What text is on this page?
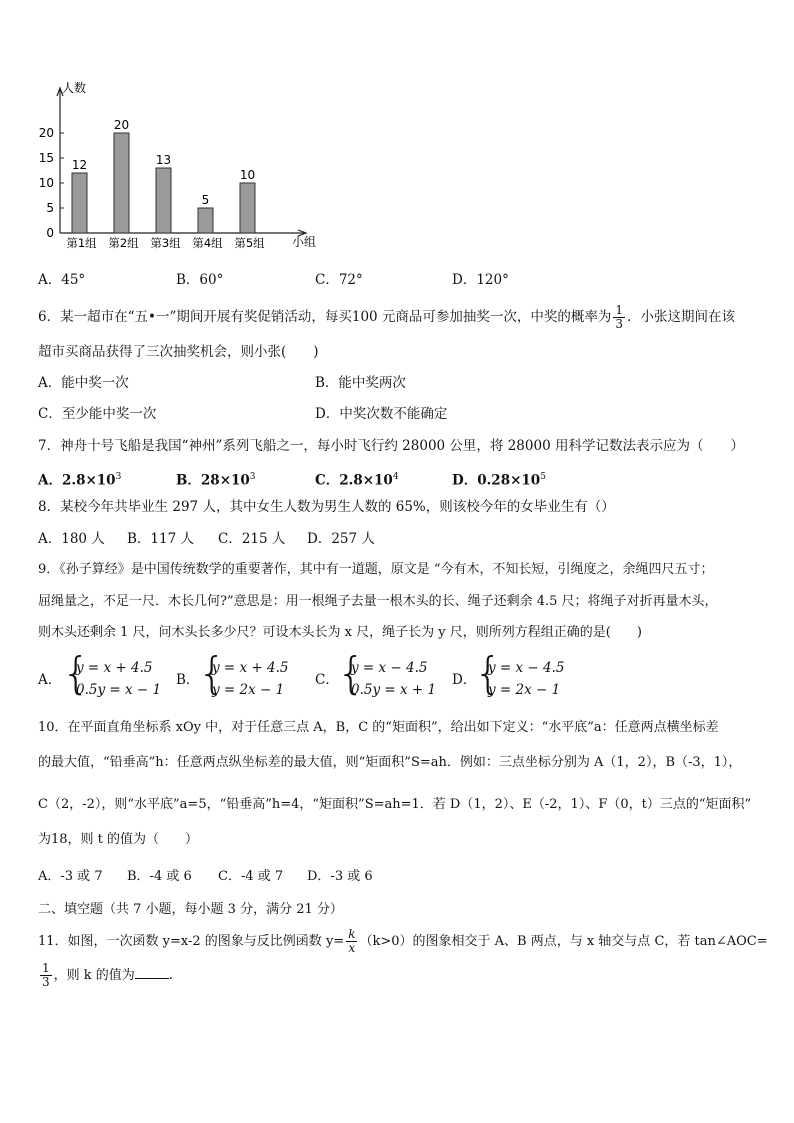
人数
小组
0
5
10
15
20
12
第1组
20
第2组
13
第3组
5
第4组
10
第5组
A．45°	B．60°	C．72°	D．120°
6．某一超市在“五•一”期间开展有奖促销活动，每买100 元商品可参加抽奖一次，中奖的概率为 $\frac{1}{3}$ ．小张这期间在该
超市买商品获得了三次抽奖机会，则小张(　　)
A．能中奖一次	B．能中奖两次
C．至少能中奖一次	D．中奖次数不能确定
7．神舟十号飞船是我国“神州”系列飞船之一，每小时飞行约 28000 公里，将 28000 用科学记数法表示应为（　　）
A．$2.8\times 10^3$	B．$28\times 10^3$	C．$2.8\times 10^4$	D．$0.28\times 10^5$
8．某校今年共毕业生 297 人，其中女生人数为男生人数的 65%，则该校今年的女毕业生有（）
A．180 人 B．117 人 C．215 人 D．257 人
9．《孙子算经》是中国传统数学的重要著作，其中有一道题，原文是 “今有木，不知长短，引绳度之，余绳四尺五寸；
屈绳量之，不足一尺．木长几何?”意思是：用一根绳子去量一根木头的长、绳子还剩余 4.5 尺；将绳子对折再量木头，
则木头还剩余 1 尺，问木头长多少尺？可设木头长为 x 尺，绳子长为 y 尺，则所列方程组正确的是(　　)
A． {
y = x + 4.5
0.5y = x − 1
B．
{
y = x + 4.5
y = 2x − 1
C．
{
y = x − 4.5
0.5y = x + 1
D．
{
y = x − 4.5
y = 2x − 1
10．在平面直角坐标系 xOy 中，对于任意三点 A，B，C 的“矩面积”，给出如下定义：“水平底”a：任意两点横坐标差
的最大值，“铅垂高”h：任意两点纵坐标差的最大值，则“矩面积”S=ah．例如：三点坐标分别为 A（1，2），B（-3，1），
C（2，-2），则“水平底”a=5，“铅垂高”h=4，“矩面积”S=ah=1．若 D（1，2）、E（-2，1）、F（0，t）三点的“矩面积”
为18，则 t 的值为（　　）
A．-3 或 7 B．-4 或 6 C．-4 或 7 D．-3 或 6
二、填空题（共 7 小题，每小题 3 分，满分 21 分）
11．如图，一次函数 y=x-2 的图象与反比例函数 $y= \frac{k}{x} (k>0)$的图象相交于 A、B 两点，与 x 轴交与点 C，若 tan∠AOC=
$\frac{1}{3}$ ，则 k 的值为	.
